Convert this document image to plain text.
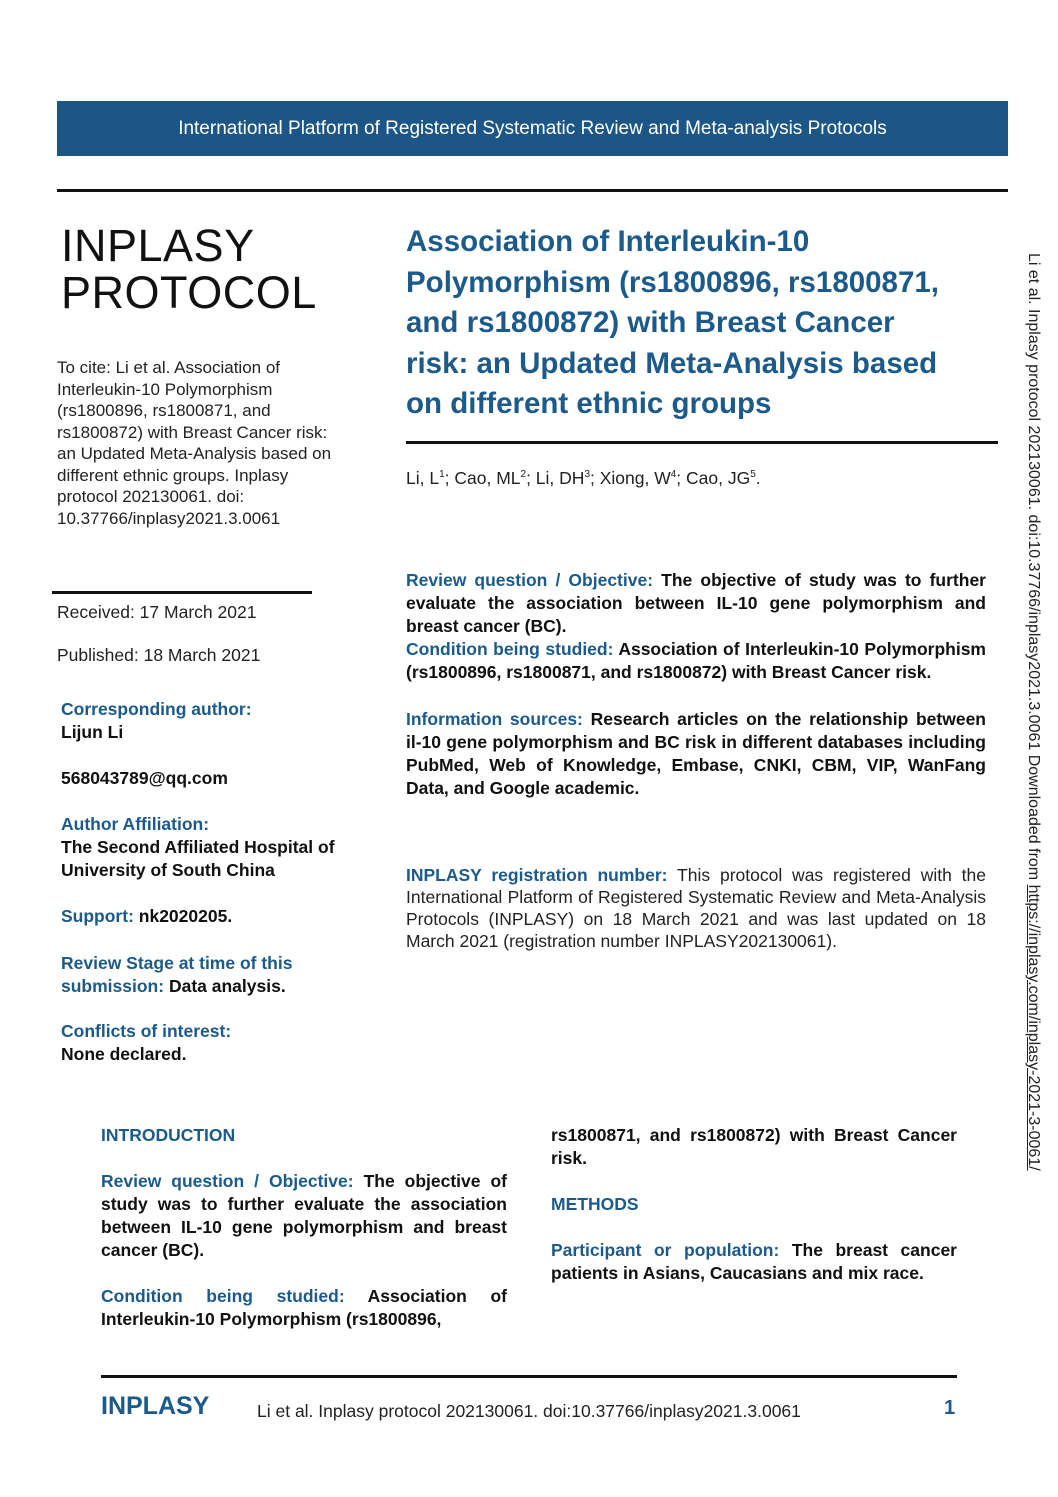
International Platform of Registered Systematic Review and Meta-analysis Protocols
INPLASY
PROTOCOL
To cite: Li et al. Association of Interleukin-10 Polymorphism (rs1800896, rs1800871, and rs1800872) with Breast Cancer risk: an Updated Meta-Analysis based on different ethnic groups. Inplasy protocol 202130061. doi: 10.37766/inplasy2021.3.0061
Received: 17 March 2021
Published: 18 March 2021
Corresponding author:
Lijun Li
568043789@qq.com
Author Affiliation:
The Second Affiliated Hospital of University of South China
Support: nk2020205.
Review Stage at time of this submission: Data analysis.
Conflicts of interest:
None declared.
Association of Interleukin-10
Polymorphism (rs1800896, rs1800871,
and rs1800872) with Breast Cancer
risk: an Updated Meta-Analysis based
on different ethnic groups
Li, $L^1$; Cao, $ML^2$; Li, $DH^3$; Xiong, $W^4$; Cao, $JG^5$.
Review question / Objective: The objective of study was to further evaluate the association between IL-10 gene polymorphism and breast cancer (BC).
Condition being studied: Association of Interleukin-10 Polymorphism (rs1800896, rs1800871, and rs1800872) with Breast Cancer risk.
Information sources: Research articles on the relationship between il-10 gene polymorphism and BC risk in different databases including PubMed, Web of Knowledge, Embase, CNKI, CBM, VIP, WanFang Data, and Google academic.
INPLASY registration number: This protocol was registered with the International Platform of Registered Systematic Review and Meta-Analysis Protocols (INPLASY) on 18 March 2021 and was last updated on 18 March 2021 (registration number INPLASY202130061).

INTRODUCTION

Review question / Objective: The objective of study was to further evaluate the association between IL-10 gene polymorphism and breast cancer (BC).

Condition being studied: Association of Interleukin-10 Polymorphism (rs1800896,

rs1800871, and rs1800872) with Breast Cancer risk.

METHODS

Participant or population: The breast cancer patients in Asians, Caucasians and mix race.

INPLASY	Li et al. Inplasy protocol 202130061. doi:10.37766/inplasy2021.3.0061	1
Li et al. Inplasy protocol 202130061. doi:10.37766/inplasy2021.3.0061 Downloaded from https://inplasy.com/inplasy-2021-3-0061/
